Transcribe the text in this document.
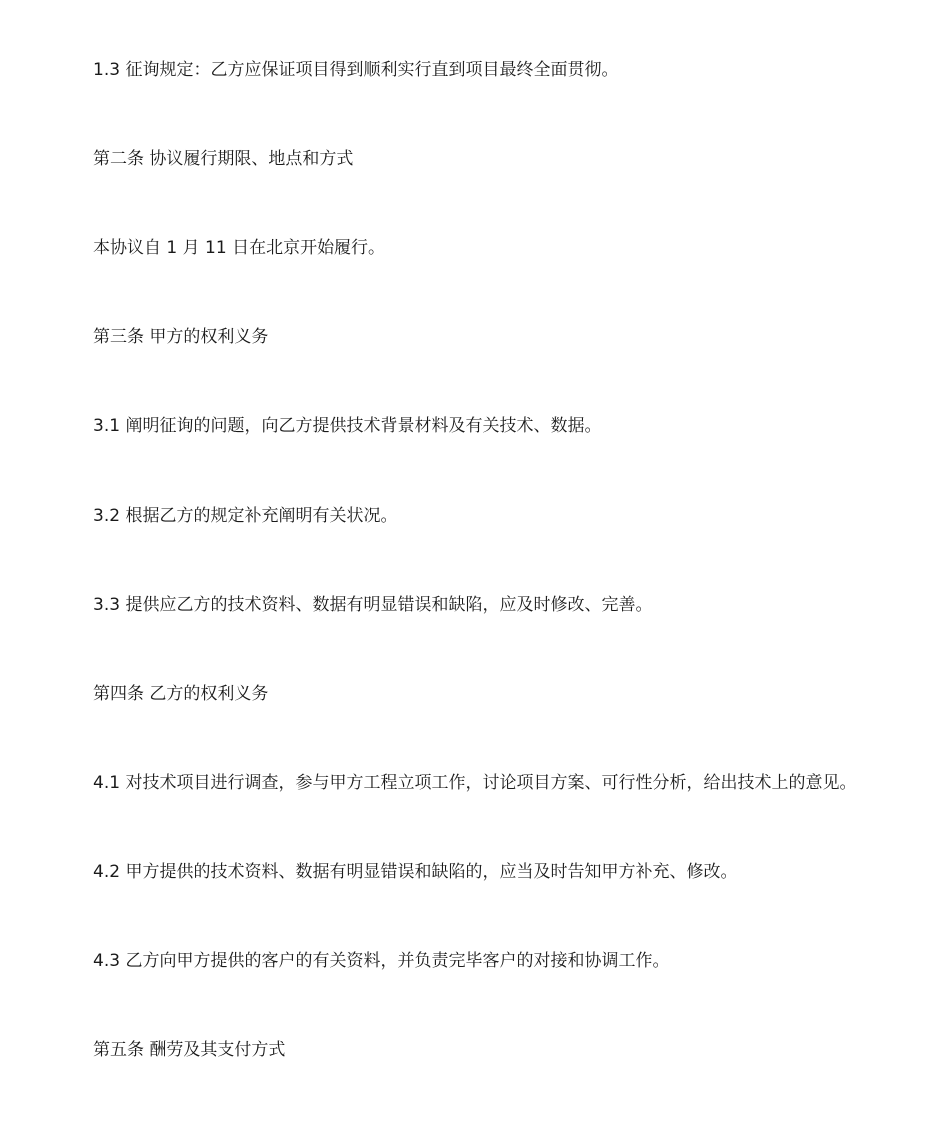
1.3 征询规定：乙方应保证项目得到顺利实行直到项目最终全面贯彻。
第二条 协议履行期限、地点和方式
本协议自 1 月 11 日在北京开始履行。
第三条 甲方的权利义务
3.1 阐明征询的问题，向乙方提供技术背景材料及有关技术、数据。
3.2 根据乙方的规定补充阐明有关状况。
3.3 提供应乙方的技术资料、数据有明显错误和缺陷，应及时修改、完善。
第四条 乙方的权利义务
4.1 对技术项目进行调查，参与甲方工程立项工作，讨论项目方案、可行性分析，给出技术上的意见。
4.2 甲方提供的技术资料、数据有明显错误和缺陷的，应当及时告知甲方补充、修改。
4.3 乙方向甲方提供的客户的有关资料，并负责完毕客户的对接和协调工作。
第五条 酬劳及其支付方式
